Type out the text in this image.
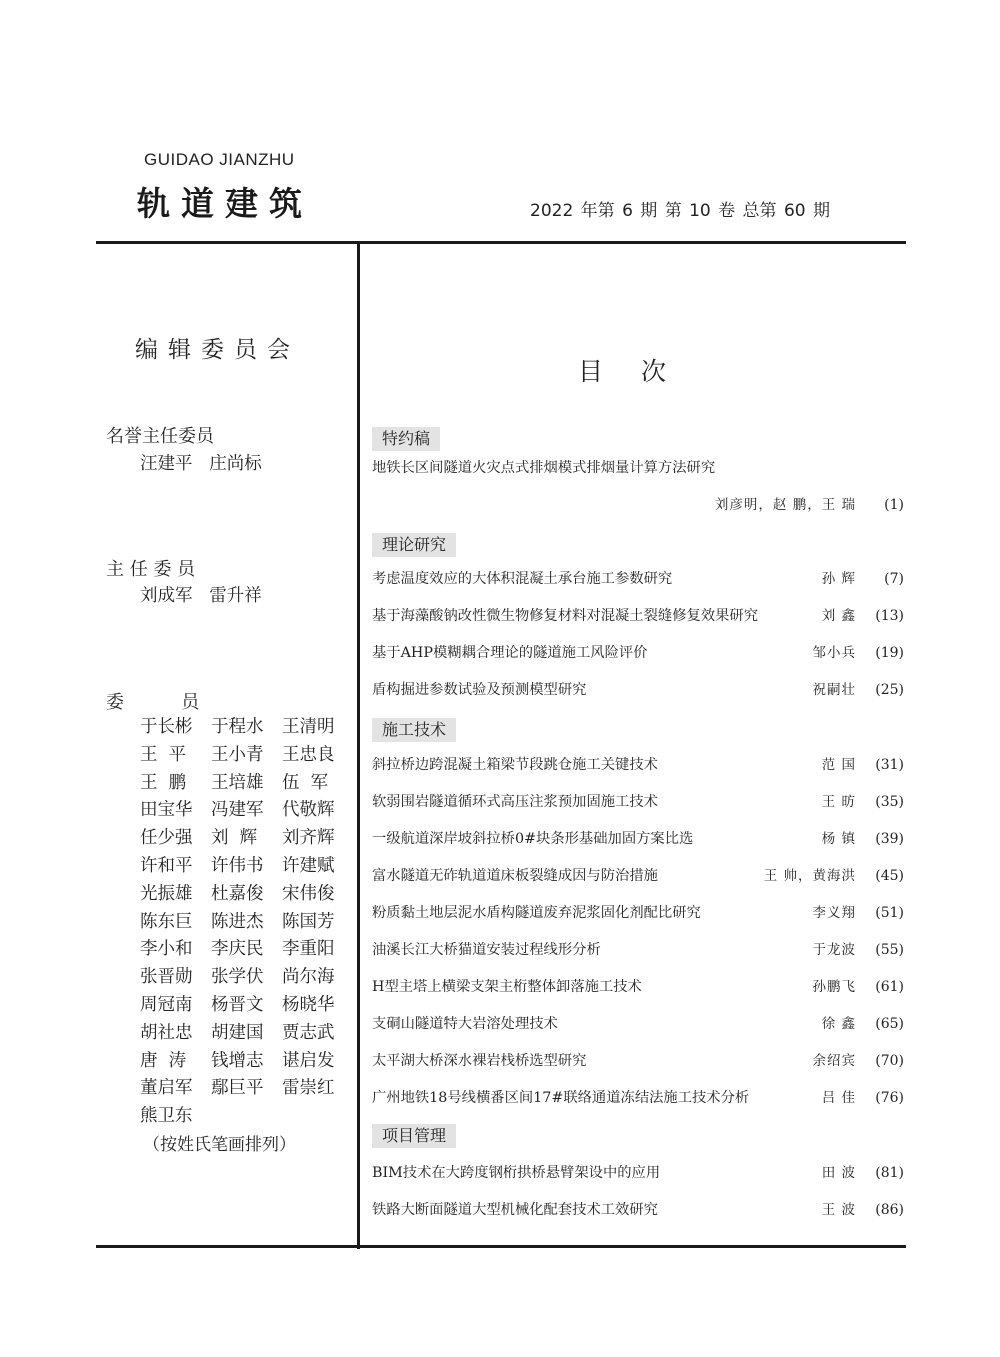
GUIDAO JIANZHU
轨道建筑	2022 年第 6 期 第 10 卷 总第 60 期
编辑委员会
名誉主任委员
汪建平   庄尚标
主 任 委 员
刘成军   雷升祥
委          员
于长彬	于程水	王清明
王  平	王小青	王忠良
王  鹏	王培雄	伍  军
田宝华	冯建军	代敬辉
任少强	刘  辉	刘齐辉
许和平	许伟书	许建赋
光振雄	杜嘉俊	宋伟俊
陈东巨	陈进杰	陈国芳
李小和	李庆民	李重阳
张晋勋	张学伏	尚尔海
周冠南	杨晋文	杨晓华
胡社忠	胡建国	贾志武
唐  涛	钱增志	谌启发
董启军	鄢巨平	雷崇红
熊卫东
（按姓氏笔画排列）
目次
特约稿
地铁长区间隧道火灾点式排烟模式排烟量计算方法研究
刘彦明，赵 鹏，王 瑞 (1)
理论研究
考虑温度效应的大体积混凝土承台施工参数研究	孙 辉 (7)
基于海藻酸钠改性微生物修复材料对混凝土裂缝修复效果研究	刘 鑫 (13)
基于AHP模糊耦合理论的隧道施工风险评价	邹小兵 (19)
盾构掘进参数试验及预测模型研究	祝嗣壮 (25)
施工技术
斜拉桥边跨混凝土箱梁节段跳仓施工关键技术	范 国 (31)
软弱围岩隧道循环式高压注浆预加固施工技术	王 昉 (35)
一级航道深岸坡斜拉桥0#块条形基础加固方案比选	杨 镇 (39)
富水隧道无砟轨道道床板裂缝成因与防治措施	王 帅，黄海洪 (45)
粉质黏土地层泥水盾构隧道废弃泥浆固化剂配比研究	李义翔 (51)
油溪长江大桥猫道安装过程线形分析	于龙波 (55)
H型主塔上横梁支架主桁整体卸落施工技术	孙鹏飞 (61)
支硐山隧道特大岩溶处理技术	徐 鑫 (65)
太平湖大桥深水裸岩栈桥选型研究	余绍宾 (70)
广州地铁18号线横番区间17#联络通道冻结法施工技术分析	吕 佳 (76)
项目管理
BIM技术在大跨度钢桁拱桥悬臂架设中的应用	田 波 (81)
铁路大断面隧道大型机械化配套技术工效研究	王 波 (86)
